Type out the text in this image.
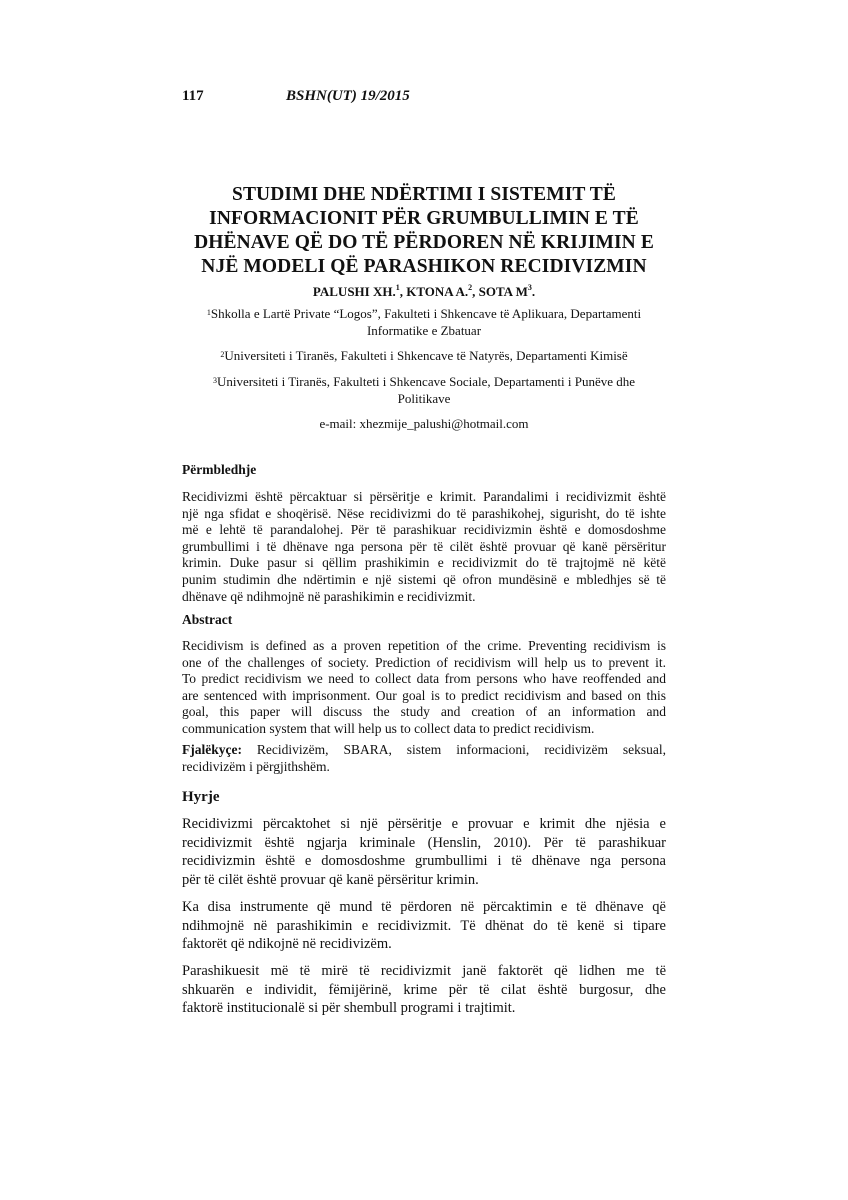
117	BSHN(UT) 19/2015
STUDIMI DHE NDËRTIMI I SISTEMIT TË
INFORMACIONIT PËR GRUMBULLIMIN E TË
DHËNAVE QË DO TË PËRDOREN NË KRIJIMIN E
NJË MODELI QË PARASHIKON RECIDIVIZMIN
PALUSHI XH.$^1$, KTONA A.$^2$, SOTA $M^3$.
$^1$Shkolla e Lartë Private “Logos”, Fakulteti i Shkencave të Aplikuara, Departamenti
Informatike e Zbatuar
$^2$Universiteti i Tiranës, Fakulteti i Shkencave të Natyrës, Departamenti Kimisë
$^3$Universiteti i Tiranës, Fakulteti i Shkencave Sociale, Departamenti i Punëve dhe
Politikave
e-mail: xhezmije_palushi@hotmail.com
Përmbledhje
Recidivizmi është përcaktuar si përsëritje e krimit. Parandalimi i recidivizmit është
një nga sfidat e shoqërisë. Nëse recidivizmi do të parashikohej, sigurisht, do të ishte
më e lehtë të parandalohej. Për të parashikuar recidivizmin është e domosdoshme
grumbullimi i të dhënave nga persona për të cilët është provuar që kanë përsëritur
krimin. Duke pasur si qëllim prashikimin e recidivizmit do të trajtojmë në këtë
punim studimin dhe ndërtimin e një sistemi që ofron mundësinë e mbledhjes së të
dhënave që ndihmojnë në parashikimin e recidivizmit.
Abstract
Recidivism is defined as a proven repetition of the crime. Preventing recidivism is
one of the challenges of society. Prediction of recidivism will help us to prevent it.
To predict recidivism we need to collect data from persons who have reoffended and
are sentenced with imprisonment. Our goal is to predict recidivism and based on this
goal, this paper will discuss the study and creation of an information and
communication system that will help us to collect data to predict recidivism.
Fjalëkyçe: Recidivizëm, SBARA, sistem informacioni, recidivizëm seksual,
recidivizëm i përgjithshëm.
Hyrje
Recidivizmi përcaktohet si një përsëritje e provuar e krimit dhe njësia e
recidivizmit është ngjarja kriminale (Henslin, 2010). Për të parashikuar
recidivizmin është e domosdoshme grumbullimi i të dhënave nga persona
për të cilët është provuar që kanë përsëritur krimin.
Ka disa instrumente që mund të përdoren në përcaktimin e të dhënave që
ndihmojnë në parashikimin e recidivizmit. Të dhënat do të kenë si tipare
faktorët që ndikojnë në recidivizëm.
Parashikuesit më të mirë të recidivizmit janë faktorët që lidhen me të
shkuarën e individit, fëmijërinë, krime për të cilat është burgosur, dhe
faktorë institucionalë si për shembull programi i trajtimit.
